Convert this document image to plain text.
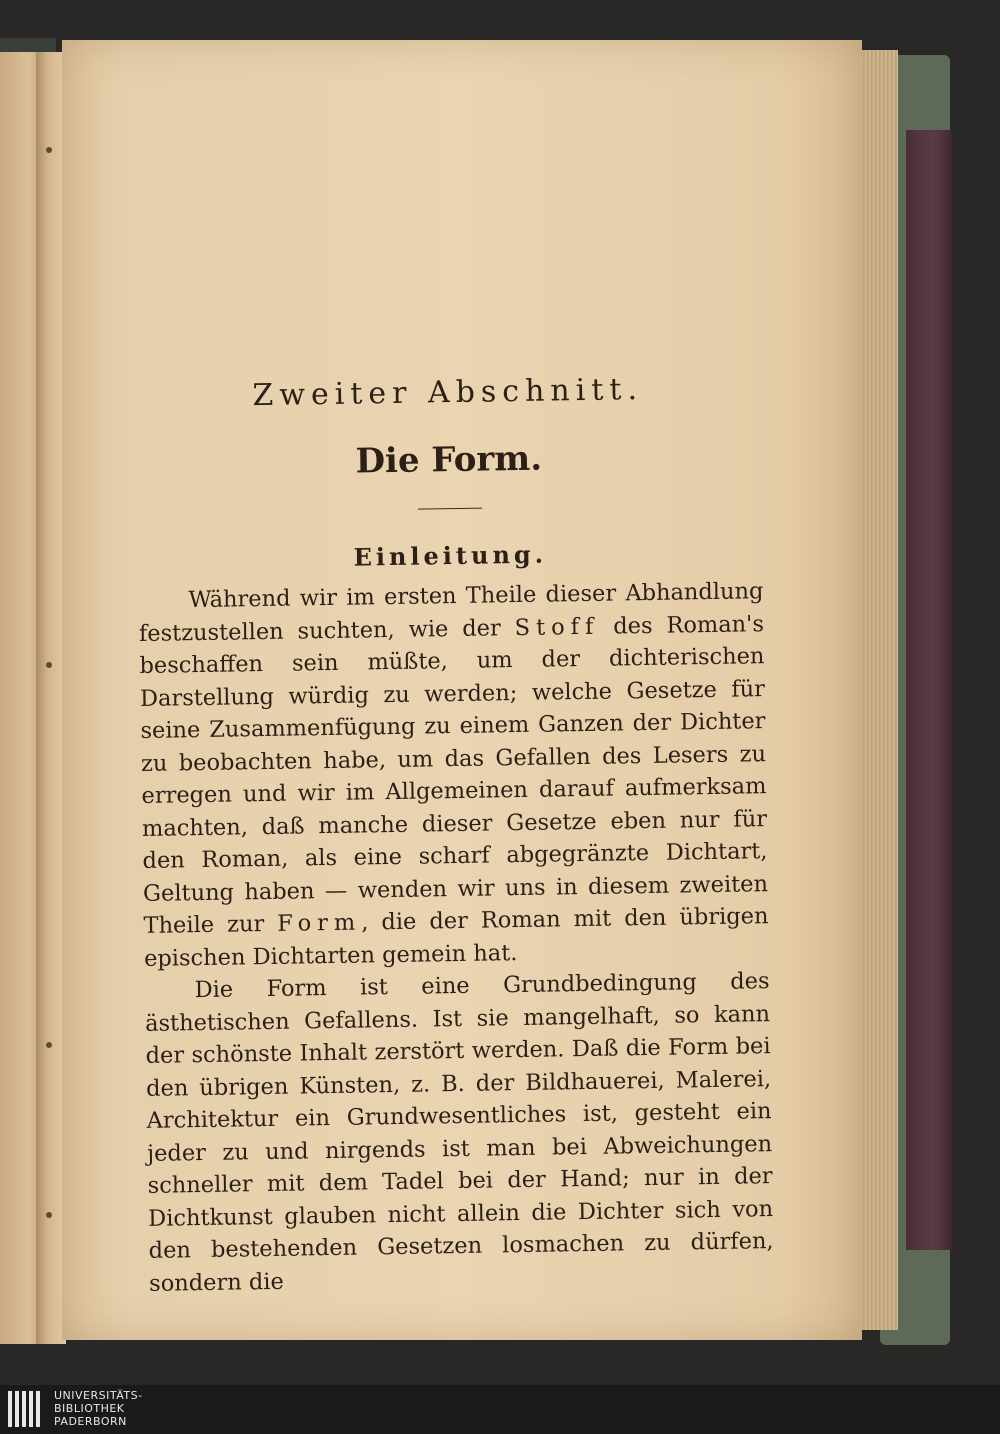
Zweiter Abschnitt.
Die Form.
Einleitung.

Während wir im ersten Theile dieser Abhandlung festzustellen suchten, wie der Stoff des Roman's beschaffen sein müßte, um der dichterischen Darstellung würdig zu werden; welche Gesetze für seine Zusammenfügung zu einem Ganzen der Dichter zu beobachten habe, um das Gefallen des Lesers zu erregen und wir im Allgemeinen darauf aufmerksam machten, daß manche dieser Gesetze eben nur für den Roman, als eine scharf abgegränzte Dichtart, Geltung haben — wenden wir uns in diesem zweiten Theile zur Form, die der Roman mit den übrigen epischen Dichtarten gemein hat.

Die Form ist eine Grundbedingung des ästhetischen Gefallens. Ist sie mangelhaft, so kann der schönste Inhalt zerstört werden. Daß die Form bei den übrigen Künsten, z. B. der Bildhauerei, Malerei, Architektur ein Grundwesentliches ist, gesteht ein jeder zu und nirgends ist man bei Abweichungen schneller mit dem Tadel bei der Hand; nur in der Dichtkunst glauben nicht allein die Dichter sich von den bestehenden Gesetzen losmachen zu dürfen, sondern die

UNIVERSITÄTS-
BIBLIOTHEK
PADERBORN
